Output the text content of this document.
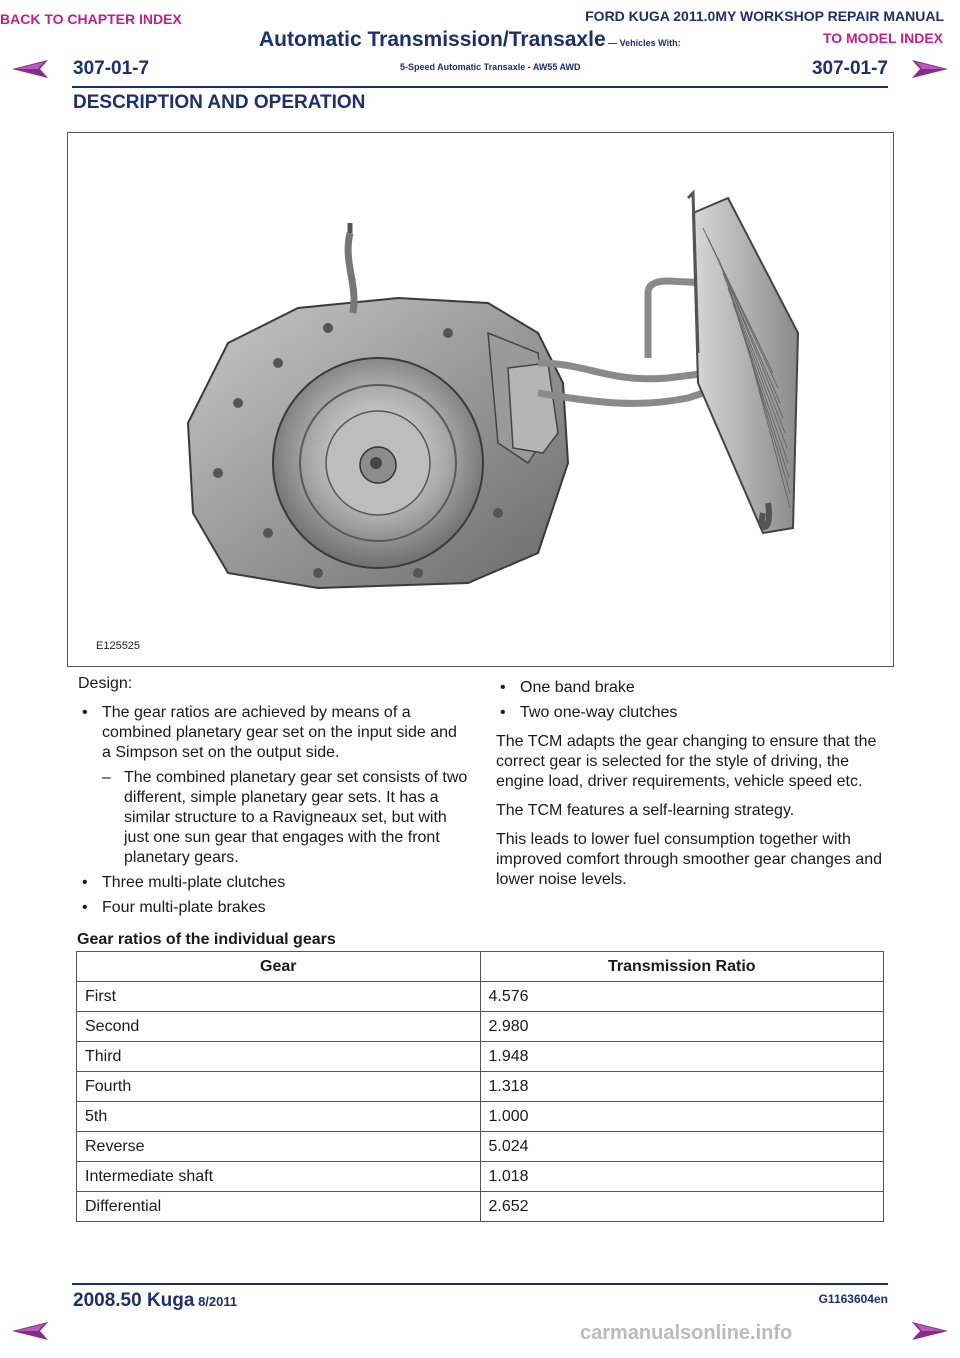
BACK TO CHAPTER INDEX	FORD KUGA 2011.0MY WORKSHOP REPAIR MANUAL
TO MODEL INDEX
Automatic Transmission/Transaxle — Vehicles With:
5-Speed Automatic Transaxle - AW55 AWD
307-01-7	307-01-7
DESCRIPTION AND OPERATION
E125525

Design:

• The gear ratios are achieved by means of a combined planetary gear set on the input side and a Simpson set on the output side.
– The combined planetary gear set consists of two different, simple planetary gear sets. It has a similar structure to a Ravigneaux set, but with just one sun gear that engages with the front planetary gears.
• Three multi-plate clutches
• Four multi-plate brakes
• One band brake
• Two one-way clutches

The TCM adapts the gear changing to ensure that the correct gear is selected for the style of driving, the engine load, driver requirements, vehicle speed etc.

The TCM features a self-learning strategy.

This leads to lower fuel consumption together with improved comfort through smoother gear changes and lower noise levels.

Gear ratios of the individual gears
Gear	Transmission Ratio
First	4.576
Second	2.980
Third	1.948
Fourth	1.318
5th	1.000
Reverse	5.024
Intermediate shaft	1.018
Differential	2.652
2008.50 Kuga 8/2011	G1163604en
carmanualsonline.info
